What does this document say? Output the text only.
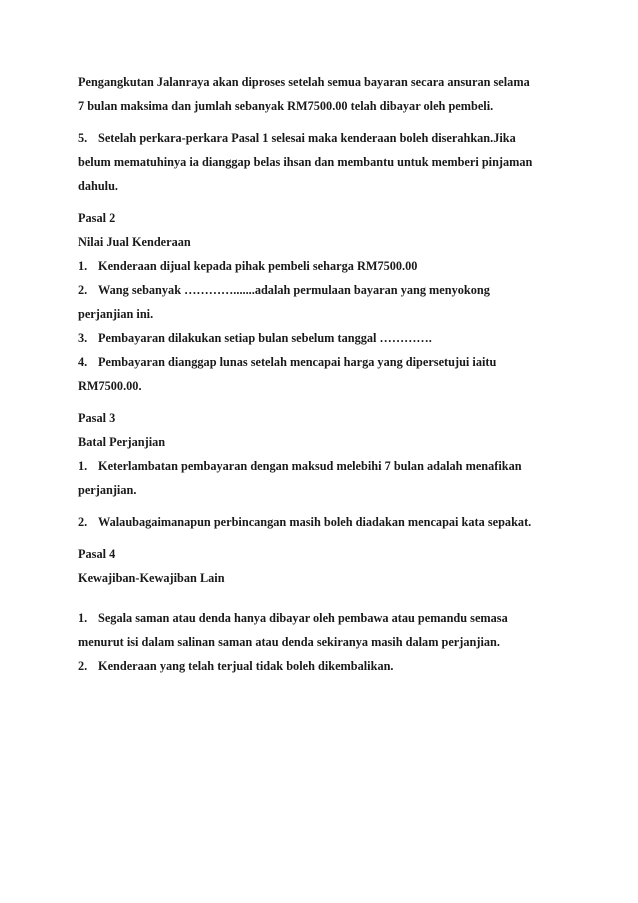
Pengangkutan Jalanraya akan diproses setelah semua bayaran secara ansuran selama
7 bulan maksima dan jumlah sebanyak RM7500.00 telah dibayar oleh pembeli.
5. Setelah perkara-perkara Pasal 1 selesai maka kenderaan boleh diserahkan.Jika
belum mematuhinya ia dianggap belas ihsan dan membantu untuk memberi pinjaman
dahulu.
Pasal 2
Nilai Jual Kenderaan
1. Kenderaan dijual kepada pihak pembeli seharga RM7500.00
2. Wang sebanyak ………….......adalah permulaan bayaran yang menyokong
perjanjian ini.
3. Pembayaran dilakukan setiap bulan sebelum tanggal ………….
4. Pembayaran dianggap lunas setelah mencapai harga yang dipersetujui iaitu
RM7500.00.
Pasal 3
Batal Perjanjian
1. Keterlambatan pembayaran dengan maksud melebihi 7 bulan adalah menafikan
perjanjian.
2. Walaubagaimanapun perbincangan masih boleh diadakan mencapai kata sepakat.
Pasal 4
Kewajiban-Kewajiban Lain
1. Segala saman atau denda hanya dibayar oleh pembawa atau pemandu semasa
menurut isi dalam salinan saman atau denda sekiranya masih dalam perjanjian.
2. Kenderaan yang telah terjual tidak boleh dikembalikan.
